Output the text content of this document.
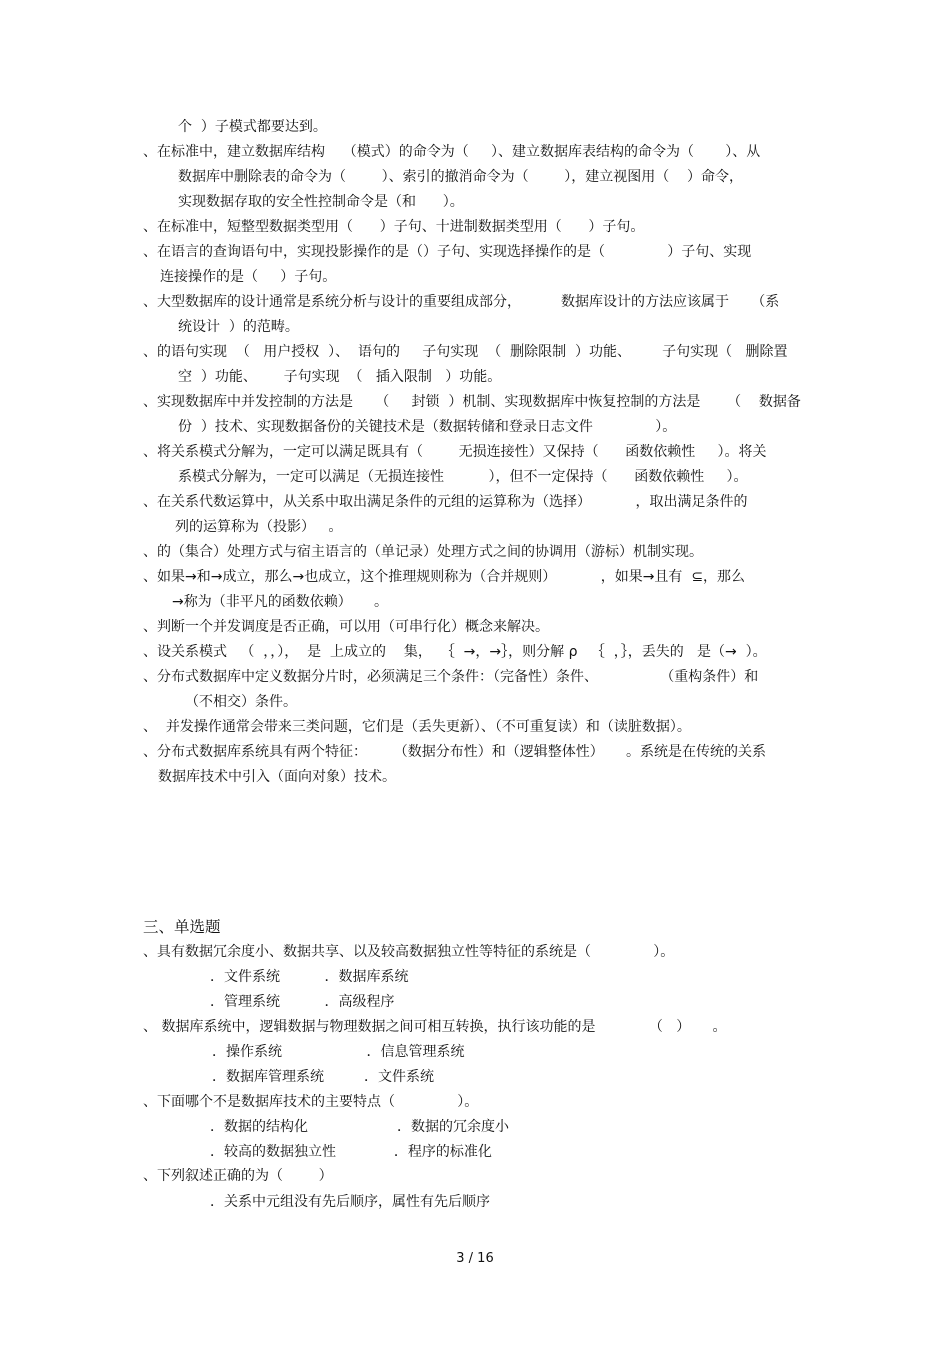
个  ）子模式都要达到。
、在标准中，建立数据库结构    （模式）的命令为（     ）、建立数据库表结构的命令为（       ）、从
数据库中删除表的命令为（        ）、索引的撤消命令为（        ），建立视图用（    ）命令，
实现数据存取的安全性控制命令是（和      ）。
、在标准中，短整型数据类型用（      ）子句、十进制数据类型用（      ）子句。
、在语言的查询语句中，实现投影操作的是（）子句、实现选择操作的是（              ）子句、实现
连接操作的是（     ）子句。
、大型数据库的设计通常是系统分析与设计的重要组成部分，         数据库设计的方法应该属于     （系
统设计  ）的范畴。
、的语句实现  （   用户授权  ）、  语句的     子句实现  （  删除限制  ）功能、       子句实现（   删除置
空  ）功能、      子句实现  （   插入限制   ）功能。
、实现数据库中并发控制的方法是     （     封锁  ）机制、实现数据库中恢复控制的方法是      （    数据备
份  ）技术、实现数据备份的关键技术是（数据转储和登录日志文件              ）。
、将关系模式分解为，一定可以满足既具有（        无损连接性）又保持（      函数依赖性     ）。将关
系模式分解为，一定可以满足（无损连接性          ），但不一定保持（      函数依赖性     ）。
、在关系代数运算中，从关系中取出满足条件的元组的运算称为（选择）          ，取出满足条件的
列的运算称为（投影）   。
、的（集合）处理方式与宿主语言的（单记录）处理方式之间的协调用（游标）机制实现。
、如果→和→成立，那么→也成立，这个推理规则称为（合并规则）          ，如果→且有  ⊆，那么
→称为（非平凡的函数依赖）     。
、判断一个并发调度是否正确，可以用（可串行化）概念来解决。
、设关系模式   （  ，，），  是  上成立的    集，  ｛  →，→｝，则分解 ρ   ｛  ，｝，丢失的   是（→  ）。
、分布式数据库中定义数据分片时，必须满足三个条件：（完备性）条件、              （重构条件）和
（不相交）条件。
、  并发操作通常会带来三类问题，它们是（丢失更新）、（不可重复读）和（读脏数据）。
、分布式数据库系统具有两个特征：      （数据分布性）和（逻辑整体性）     。系统是在传统的关系
数据库技术中引入（面向对象）技术。
三、单选题
、具有数据冗余度小、数据共享、以及较高数据独立性等特征的系统是（              ）。
．文件系统          ．数据库系统
．管理系统          ．高级程序
、 数据库系统中，逻辑数据与物理数据之间可相互转换，执行该功能的是            （   ）     。
．操作系统                   ．信息管理系统
．数据库管理系统         ．文件系统
、下面哪个不是数据库技术的主要特点（              ）。
．数据的结构化                    ．数据的冗余度小
．较高的数据独立性             ．程序的标准化
、下列叙述正确的为（        ）
．关系中元组没有先后顺序，属性有先后顺序
3 / 16
